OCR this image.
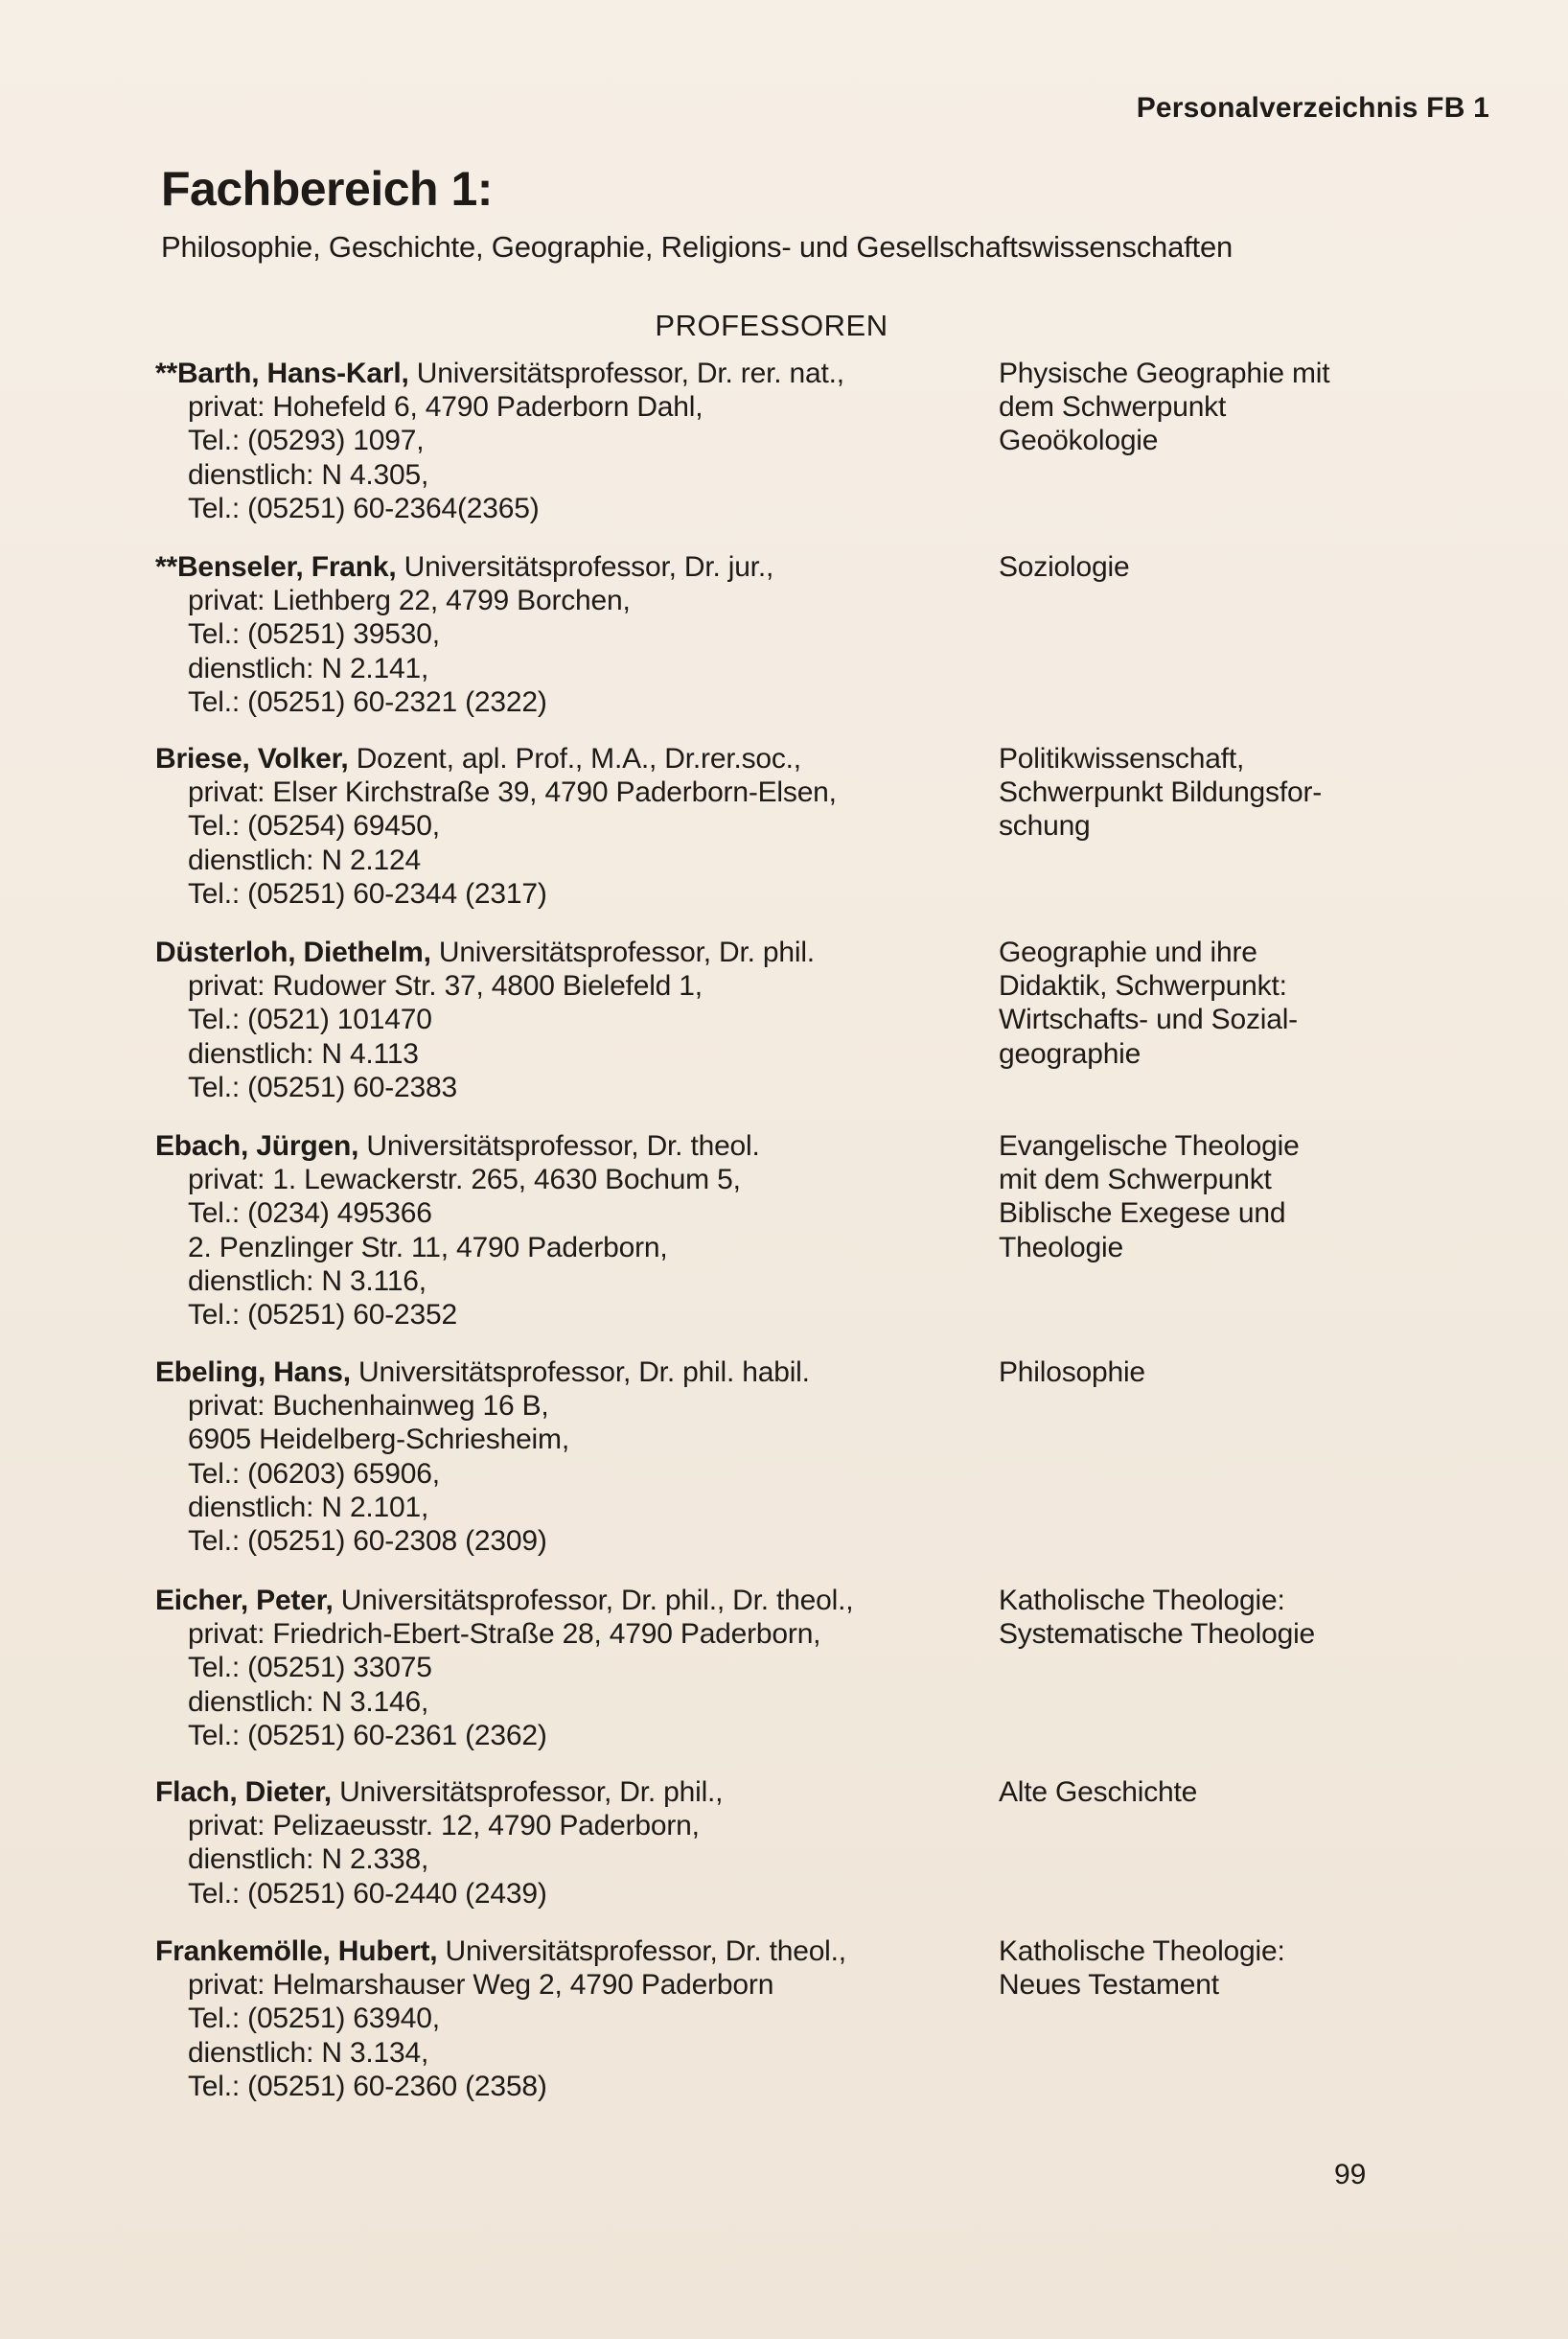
Personalverzeichnis FB 1
Fachbereich 1:
Philosophie, Geschichte, Geographie, Religions- und Gesellschaftswissenschaften
PROFESSOREN
**Barth, Hans-Karl, Universitätsprofessor, Dr. rer. nat.,
privat: Hohefeld 6, 4790 Paderborn Dahl,
Tel.: (05293) 1097,
dienstlich: N 4.305,
Tel.: (05251) 60-2364(2365)
Physische Geographie mit
dem Schwerpunkt
Geoökologie
**Benseler, Frank, Universitätsprofessor, Dr. jur.,
privat: Liethberg 22, 4799 Borchen,
Tel.: (05251) 39530,
dienstlich: N 2.141,
Tel.: (05251) 60-2321 (2322)
Soziologie
Briese, Volker, Dozent, apl. Prof., M.A., Dr.rer.soc.,
privat: Elser Kirchstraße 39, 4790 Paderborn-Elsen,
Tel.: (05254) 69450,
dienstlich: N 2.124
Tel.: (05251) 60-2344 (2317)
Politikwissenschaft,
Schwerpunkt Bildungsfor-
schung
Düsterloh, Diethelm, Universitätsprofessor, Dr. phil.
privat: Rudower Str. 37, 4800 Bielefeld 1,
Tel.: (0521) 101470
dienstlich: N 4.113
Tel.: (05251) 60-2383
Geographie und ihre
Didaktik, Schwerpunkt:
Wirtschafts- und Sozial-
geographie
Ebach, Jürgen, Universitätsprofessor, Dr. theol.
privat: 1. Lewackerstr. 265, 4630 Bochum 5,
Tel.: (0234) 495366
2. Penzlinger Str. 11, 4790 Paderborn,
dienstlich: N 3.116,
Tel.: (05251) 60-2352
Evangelische Theologie
mit dem Schwerpunkt
Biblische Exegese und
Theologie
Ebeling, Hans, Universitätsprofessor, Dr. phil. habil.
privat: Buchenhainweg 16 B,
6905 Heidelberg-Schriesheim,
Tel.: (06203) 65906,
dienstlich: N 2.101,
Tel.: (05251) 60-2308 (2309)
Philosophie
Eicher, Peter, Universitätsprofessor, Dr. phil., Dr. theol.,
privat: Friedrich-Ebert-Straße 28, 4790 Paderborn,
Tel.: (05251) 33075
dienstlich: N 3.146,
Tel.: (05251) 60-2361 (2362)
Katholische Theologie:
Systematische Theologie
Flach, Dieter, Universitätsprofessor, Dr. phil.,
privat: Pelizaeusstr. 12, 4790 Paderborn,
dienstlich: N 2.338,
Tel.: (05251) 60-2440 (2439)
Alte Geschichte
Frankemölle, Hubert, Universitätsprofessor, Dr. theol.,
privat: Helmarshauser Weg 2, 4790 Paderborn
Tel.: (05251) 63940,
dienstlich: N 3.134,
Tel.: (05251) 60-2360 (2358)
Katholische Theologie:
Neues Testament
99
